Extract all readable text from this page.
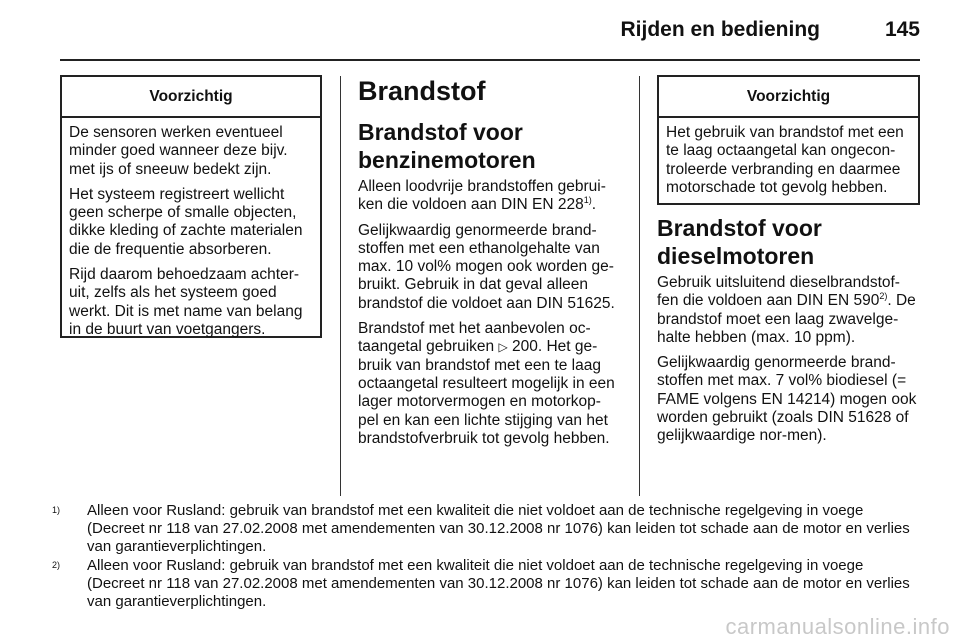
Rijden en bediening	145
Voorzichtig

De sensoren werken eventueel minder goed wanneer deze bijv. met ijs of sneeuw bedekt zijn.

Het systeem registreert wellicht geen scherpe of smalle objecten, dikke kleding of zachte materialen die de frequentie absorberen.

Rijd daarom behoedzaam achter-uit, zelfs als het systeem goed werkt. Dit is met name van belang in de buurt van voetgangers.

Brandstof
Brandstof voor benzinemotoren

Alleen loodvrije brandstoffen gebrui-ken die voldoen aan DIN EN 228$^{1)}$.

Gelijkwaardig genormeerde brand-stoffen met een ethanolgehalte van max. 10 vol% mogen ook worden ge-bruikt. Gebruik in dat geval alleen brandstof die voldoet aan DIN 51625.

Brandstof met het aanbevolen oc-taangetal gebruiken ▷ 200. Het ge-bruik van brandstof met een te laag octaangetal resulteert mogelijk in een lager motorvermogen en motorkop-pel en kan een lichte stijging van het brandstofverbruik tot gevolg hebben.

Voorzichtig

Het gebruik van brandstof met een te laag octaangetal kan ongecon-troleerde verbranding en daarmee motorschade tot gevolg hebben.

Brandstof voor dieselmotoren

Gebruik uitsluitend dieselbrandstof-fen die voldoen aan DIN EN 590$^{2)}$. De brandstof moet een laag zwavelge-halte hebben (max. 10 ppm).

Gelijkwaardig genormeerde brand-stoffen met max. 7 vol% biodiesel (= FAME volgens EN 14214) mogen ook worden gebruikt (zoals DIN 51628 of gelijkwaardige nor-men).

1)	Alleen voor Rusland: gebruik van brandstof met een kwaliteit die niet voldoet aan de technische regelgeving in voege (Decreet nr 118 van 27.02.2008 met amendementen van 30.12.2008 nr 1076) kan leiden tot schade aan de motor en verlies van garantieverplichtingen.

2)	Alleen voor Rusland: gebruik van brandstof met een kwaliteit die niet voldoet aan de technische regelgeving in voege (Decreet nr 118 van 27.02.2008 met amendementen van 30.12.2008 nr 1076) kan leiden tot schade aan de motor en verlies van garantieverplichtingen.

carmanualsonline.info
